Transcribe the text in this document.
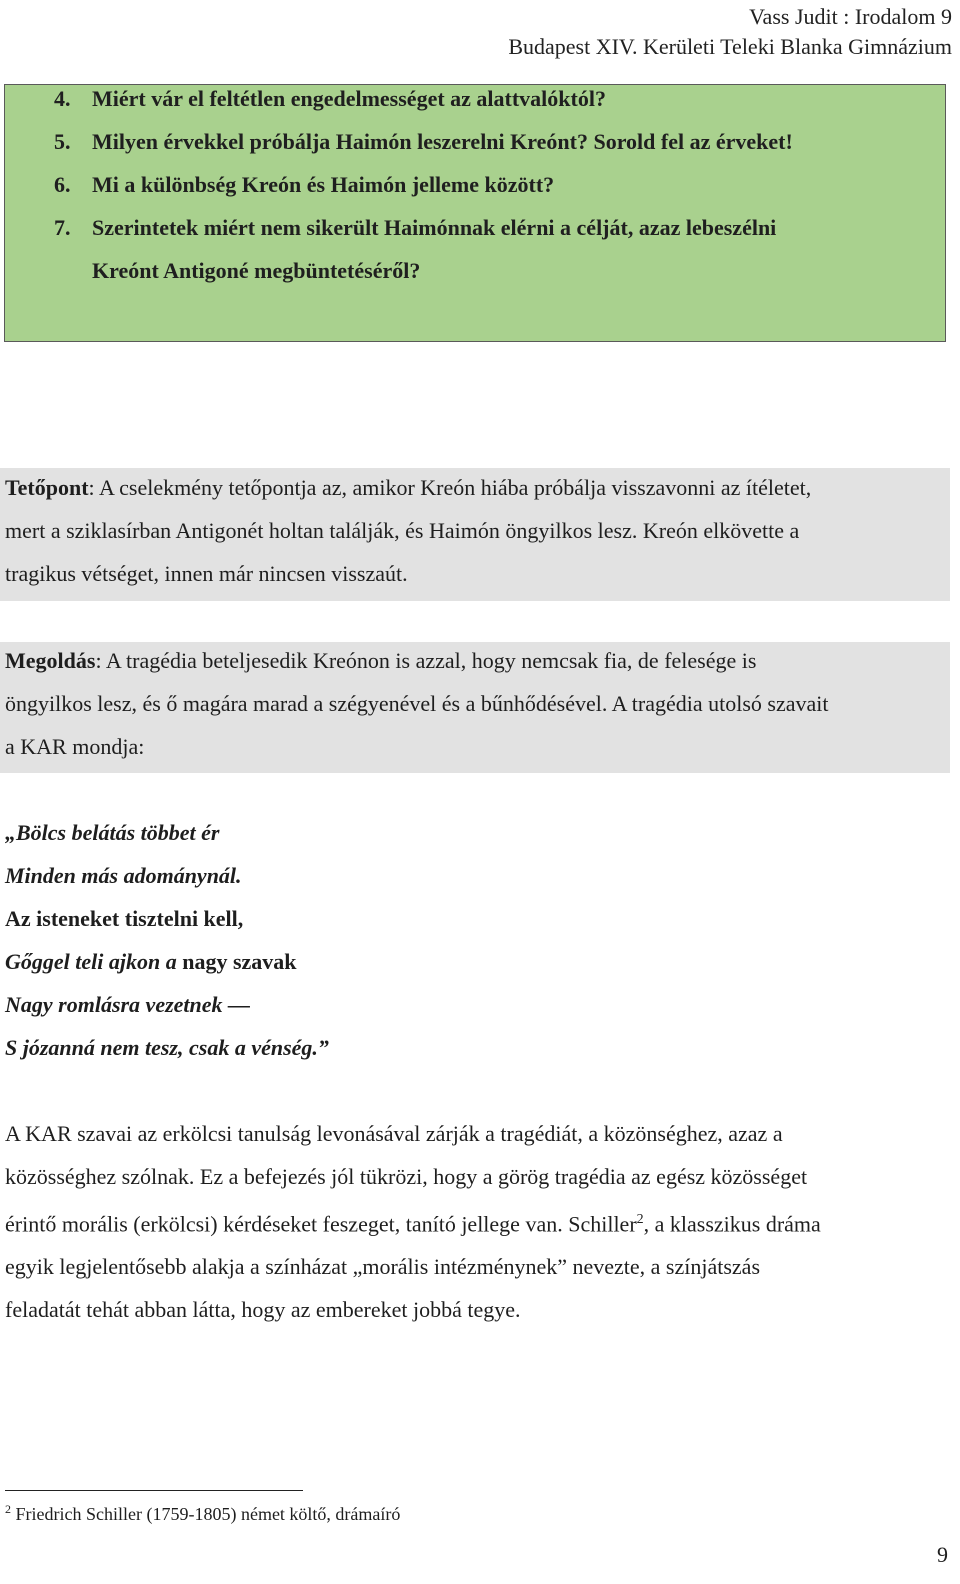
Vass Judit : Irodalom 9
Budapest XIV. Kerületi Teleki Blanka Gimnázium
4. Miért vár el feltétlen engedelmességet az alattvalóktól?
5. Milyen érvekkel próbálja Haimón leszerelni Kreónt? Sorold fel az érveket!
6. Mi a különbség Kreón és Haimón jelleme között?
7. Szerintetek miért nem sikerült Haimónnak elérni a célját, azaz lebeszélni
Kreónt Antigoné megbüntetéséről?
Tetőpont: A cselekmény tetőpontja az, amikor Kreón hiába próbálja visszavonni az ítéletet,
mert a sziklasírban Antigonét holtan találják, és Haimón öngyilkos lesz. Kreón elkövette a
tragikus vétséget, innen már nincsen visszaút.
Megoldás: A tragédia beteljesedik Kreónon is azzal, hogy nemcsak fia, de felesége is
öngyilkos lesz, és ő magára marad a szégyenével és a bűnhődésével. A tragédia utolsó szavait
a KAR mondja:
„Bölcs belátás többet ér
Minden más adománynál.
Az isteneket tisztelni kell,
Gőggel teli ajkon a nagy szavak
Nagy romlásra vezetnek ―
S józanná nem tesz, csak a vénség.”
A KAR szavai az erkölcsi tanulság levonásával zárják a tragédiát, a közönséghez, azaz a
közösséghez szólnak. Ez a befejezés jól tükrözi, hogy a görög tragédia az egész közösséget
érintő morális (erkölcsi) kérdéseket feszeget, tanító jellege van. Schiller$^2$, a klasszikus dráma
egyik legjelentősebb alakja a színházat „morális intézménynek” nevezte, a színjátszás
feladatát tehát abban látta, hogy az embereket jobbá tegye.
$^2$ Friedrich Schiller (1759-1805) német költő, drámaíró
9
